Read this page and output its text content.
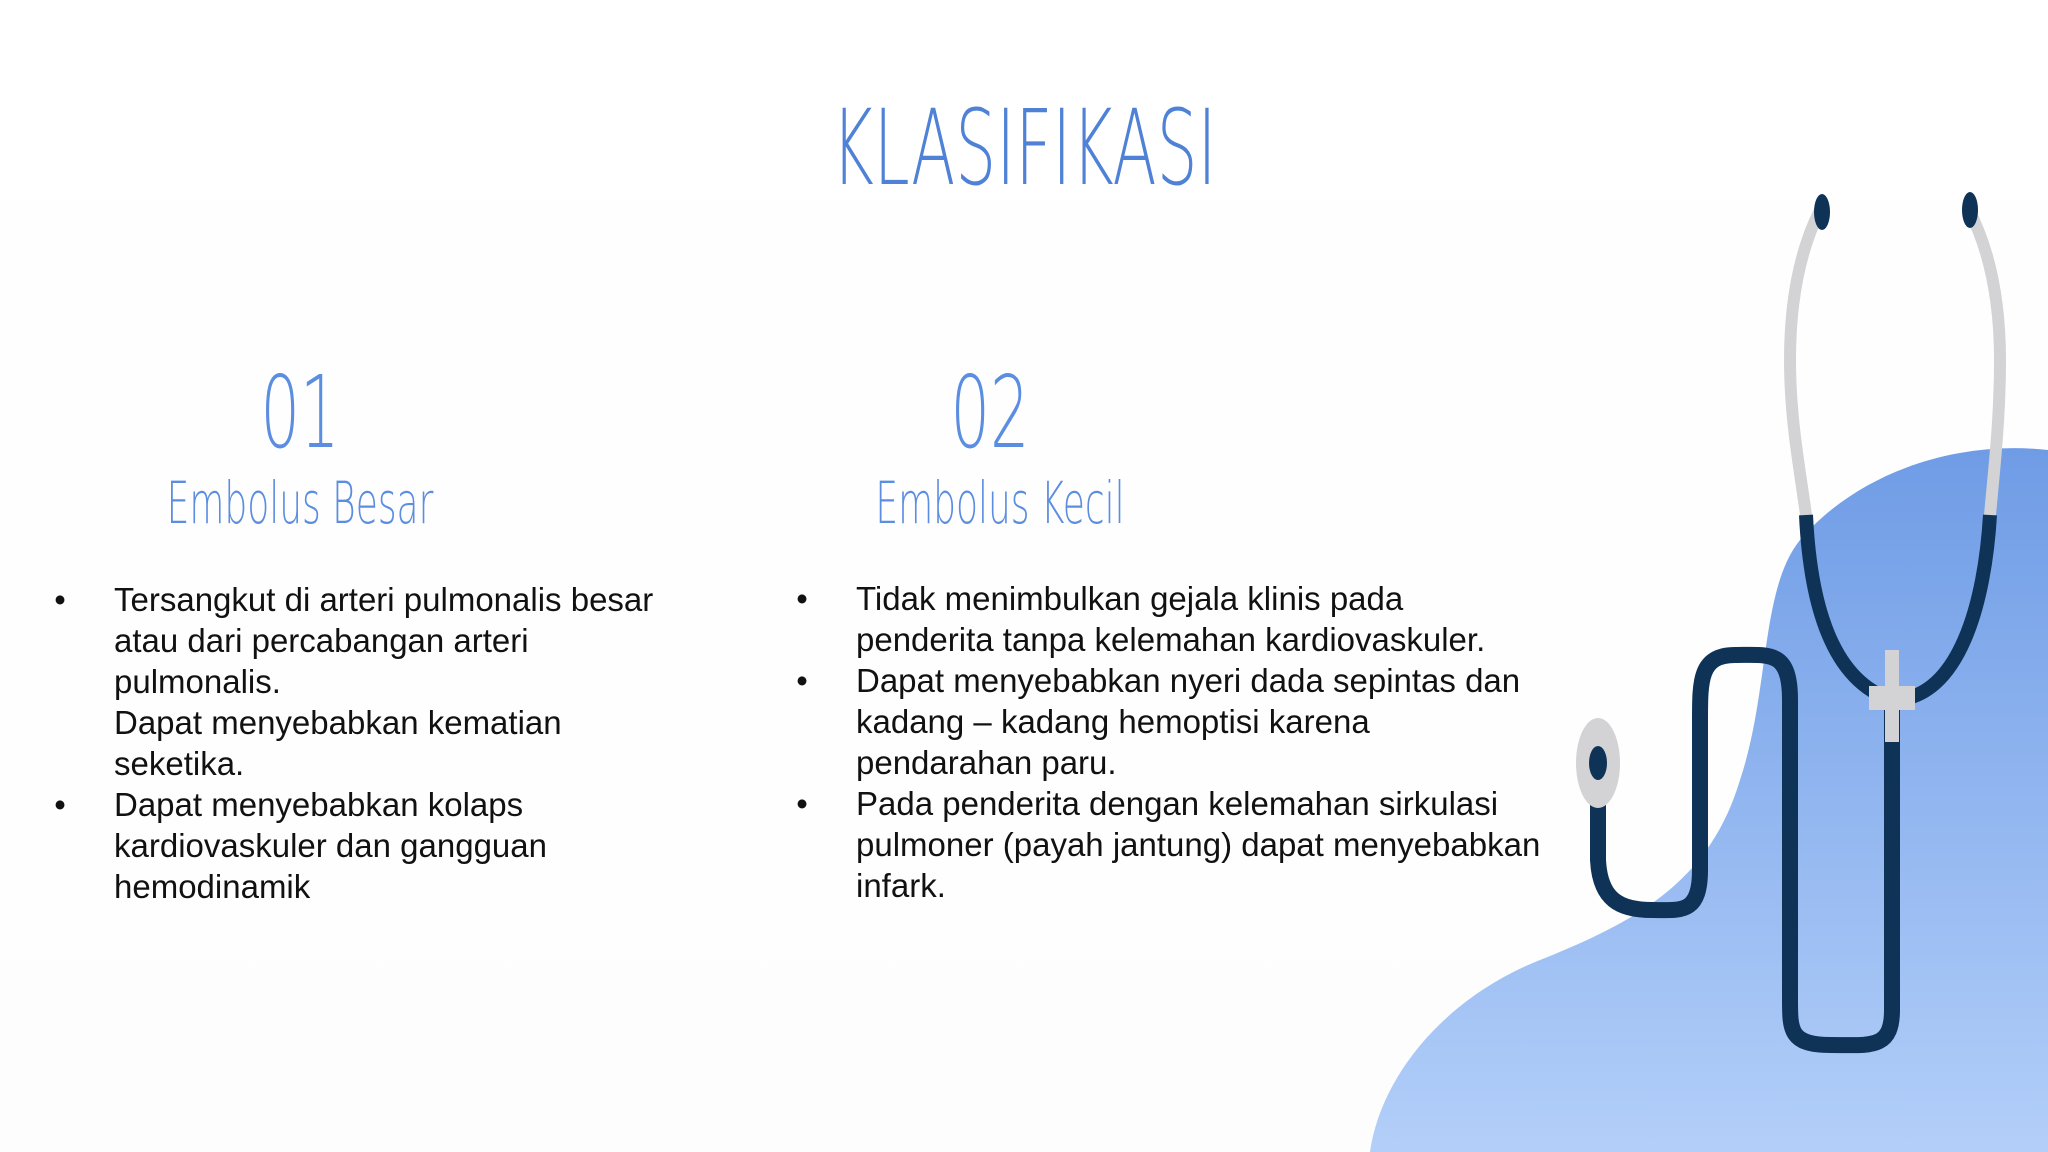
KLASIFIKASI
01
Embolus Besar
02
Embolus Kecil
• Tersangkut di arteri pulmonalis besar
atau dari percabangan arteri
pulmonalis.
Dapat menyebabkan kematian
seketika.
• Dapat menyebabkan kolaps
kardiovaskuler dan gangguan
hemodinamik
• Tidak menimbulkan gejala klinis pada
penderita tanpa kelemahan kardiovaskuler.
• Dapat menyebabkan nyeri dada sepintas dan
kadang – kadang hemoptisi karena
pendarahan paru.
• Pada penderita dengan kelemahan sirkulasi
pulmoner (payah jantung) dapat menyebabkan
infark.
